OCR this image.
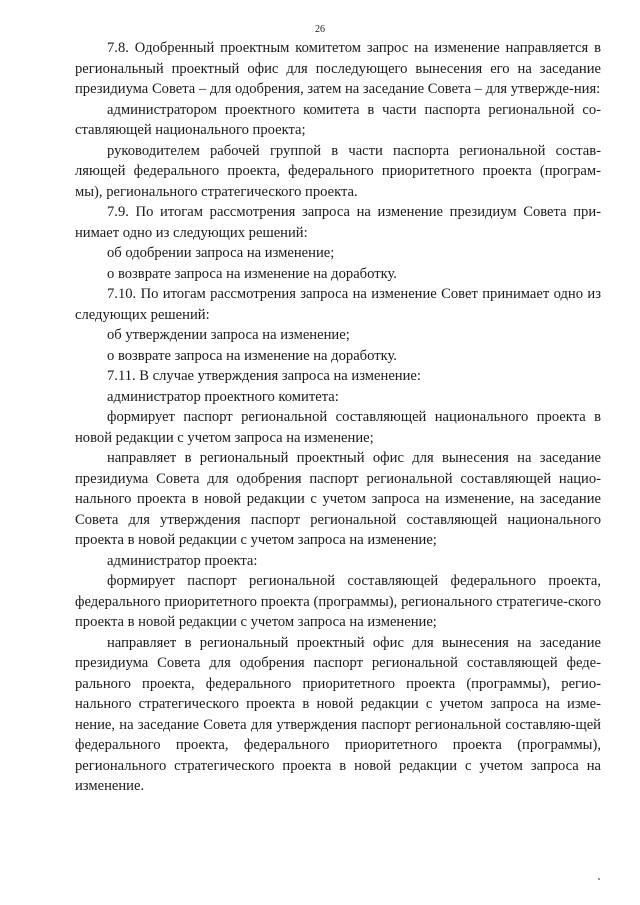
26

7.8. Одобренный проектным комитетом запрос на изменение направляется в региональный проектный офис для последующего вынесения его на заседание президиума Совета – для одобрения, затем на заседание Совета – для утвержде-ния:

администратором проектного комитета в части паспорта региональной со-ставляющей национального проекта;

руководителем рабочей группой в части паспорта региональной состав-ляющей федерального проекта, федерального приоритетного проекта (програм-мы), регионального стратегического проекта.

7.9. По итогам рассмотрения запроса на изменение президиум Совета при-нимает одно из следующих решений:

об одобрении запроса на изменение;

о возврате запроса на изменение на доработку.

7.10. По итогам рассмотрения запроса на изменение Совет принимает одно из следующих решений:

об утверждении запроса на изменение;

о возврате запроса на изменение на доработку.

7.11. В случае утверждения запроса на изменение:

администратор проектного комитета:

формирует паспорт региональной составляющей национального проекта в новой редакции с учетом запроса на изменение;

направляет в региональный проектный офис для вынесения на заседание президиума Совета для одобрения паспорт региональной составляющей нацио-нального проекта в новой редакции с учетом запроса на изменение, на заседание Совета для утверждения паспорт региональной составляющей национального проекта в новой редакции с учетом запроса на изменение;

администратор проекта:

формирует паспорт региональной составляющей федерального проекта, федерального приоритетного проекта (программы), регионального стратегиче-ского проекта в новой редакции с учетом запроса на изменение;

направляет в региональный проектный офис для вынесения на заседание президиума Совета для одобрения паспорт региональной составляющей феде-рального проекта, федерального приоритетного проекта (программы), регио-нального стратегического проекта в новой редакции с учетом запроса на изме-нение, на заседание Совета для утверждения паспорт региональной составляю-щей федерального проекта, федерального приоритетного проекта (программы), регионального стратегического проекта в новой редакции с учетом запроса на изменение.
